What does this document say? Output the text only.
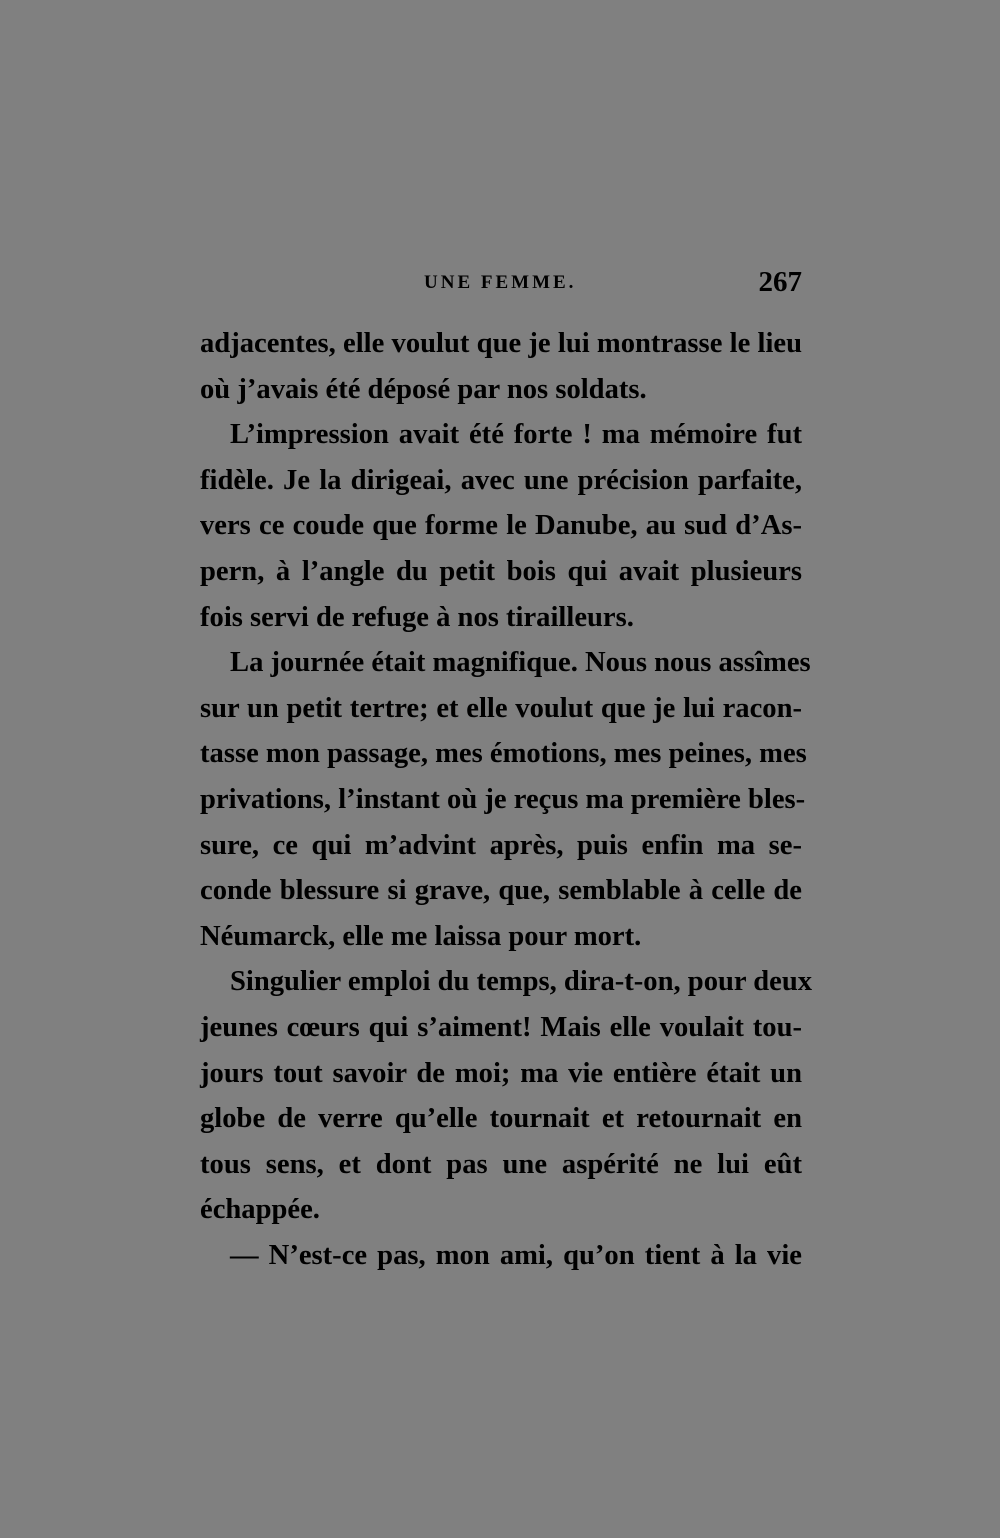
UNE FEMME.	267
adjacentes, elle voulut que je lui montrasse le lieu
où j’avais été déposé par nos soldats.
L’impression avait été forte ! ma mémoire fut
fidèle. Je la dirigeai, avec une précision parfaite,
vers ce coude que forme le Danube, au sud d’As-
pern, à l’angle du petit bois qui avait plusieurs
fois servi de refuge à nos tirailleurs.
La journée était magnifique. Nous nous assîmes
sur un petit tertre; et elle voulut que je lui racon-
tasse mon passage, mes émotions, mes peines, mes
privations, l’instant où je reçus ma première bles-
sure, ce qui m’advint après, puis enfin ma se-
conde blessure si grave, que, semblable à celle de
Néumarck, elle me laissa pour mort.
Singulier emploi du temps, dira-t-on, pour deux
jeunes cœurs qui s’aiment! Mais elle voulait tou-
jours tout savoir de moi; ma vie entière était un
globe de verre qu’elle tournait et retournait en
tous sens, et dont pas une aspérité ne lui eût
échappée.
— N’est-ce pas, mon ami, qu’on tient à la vie
